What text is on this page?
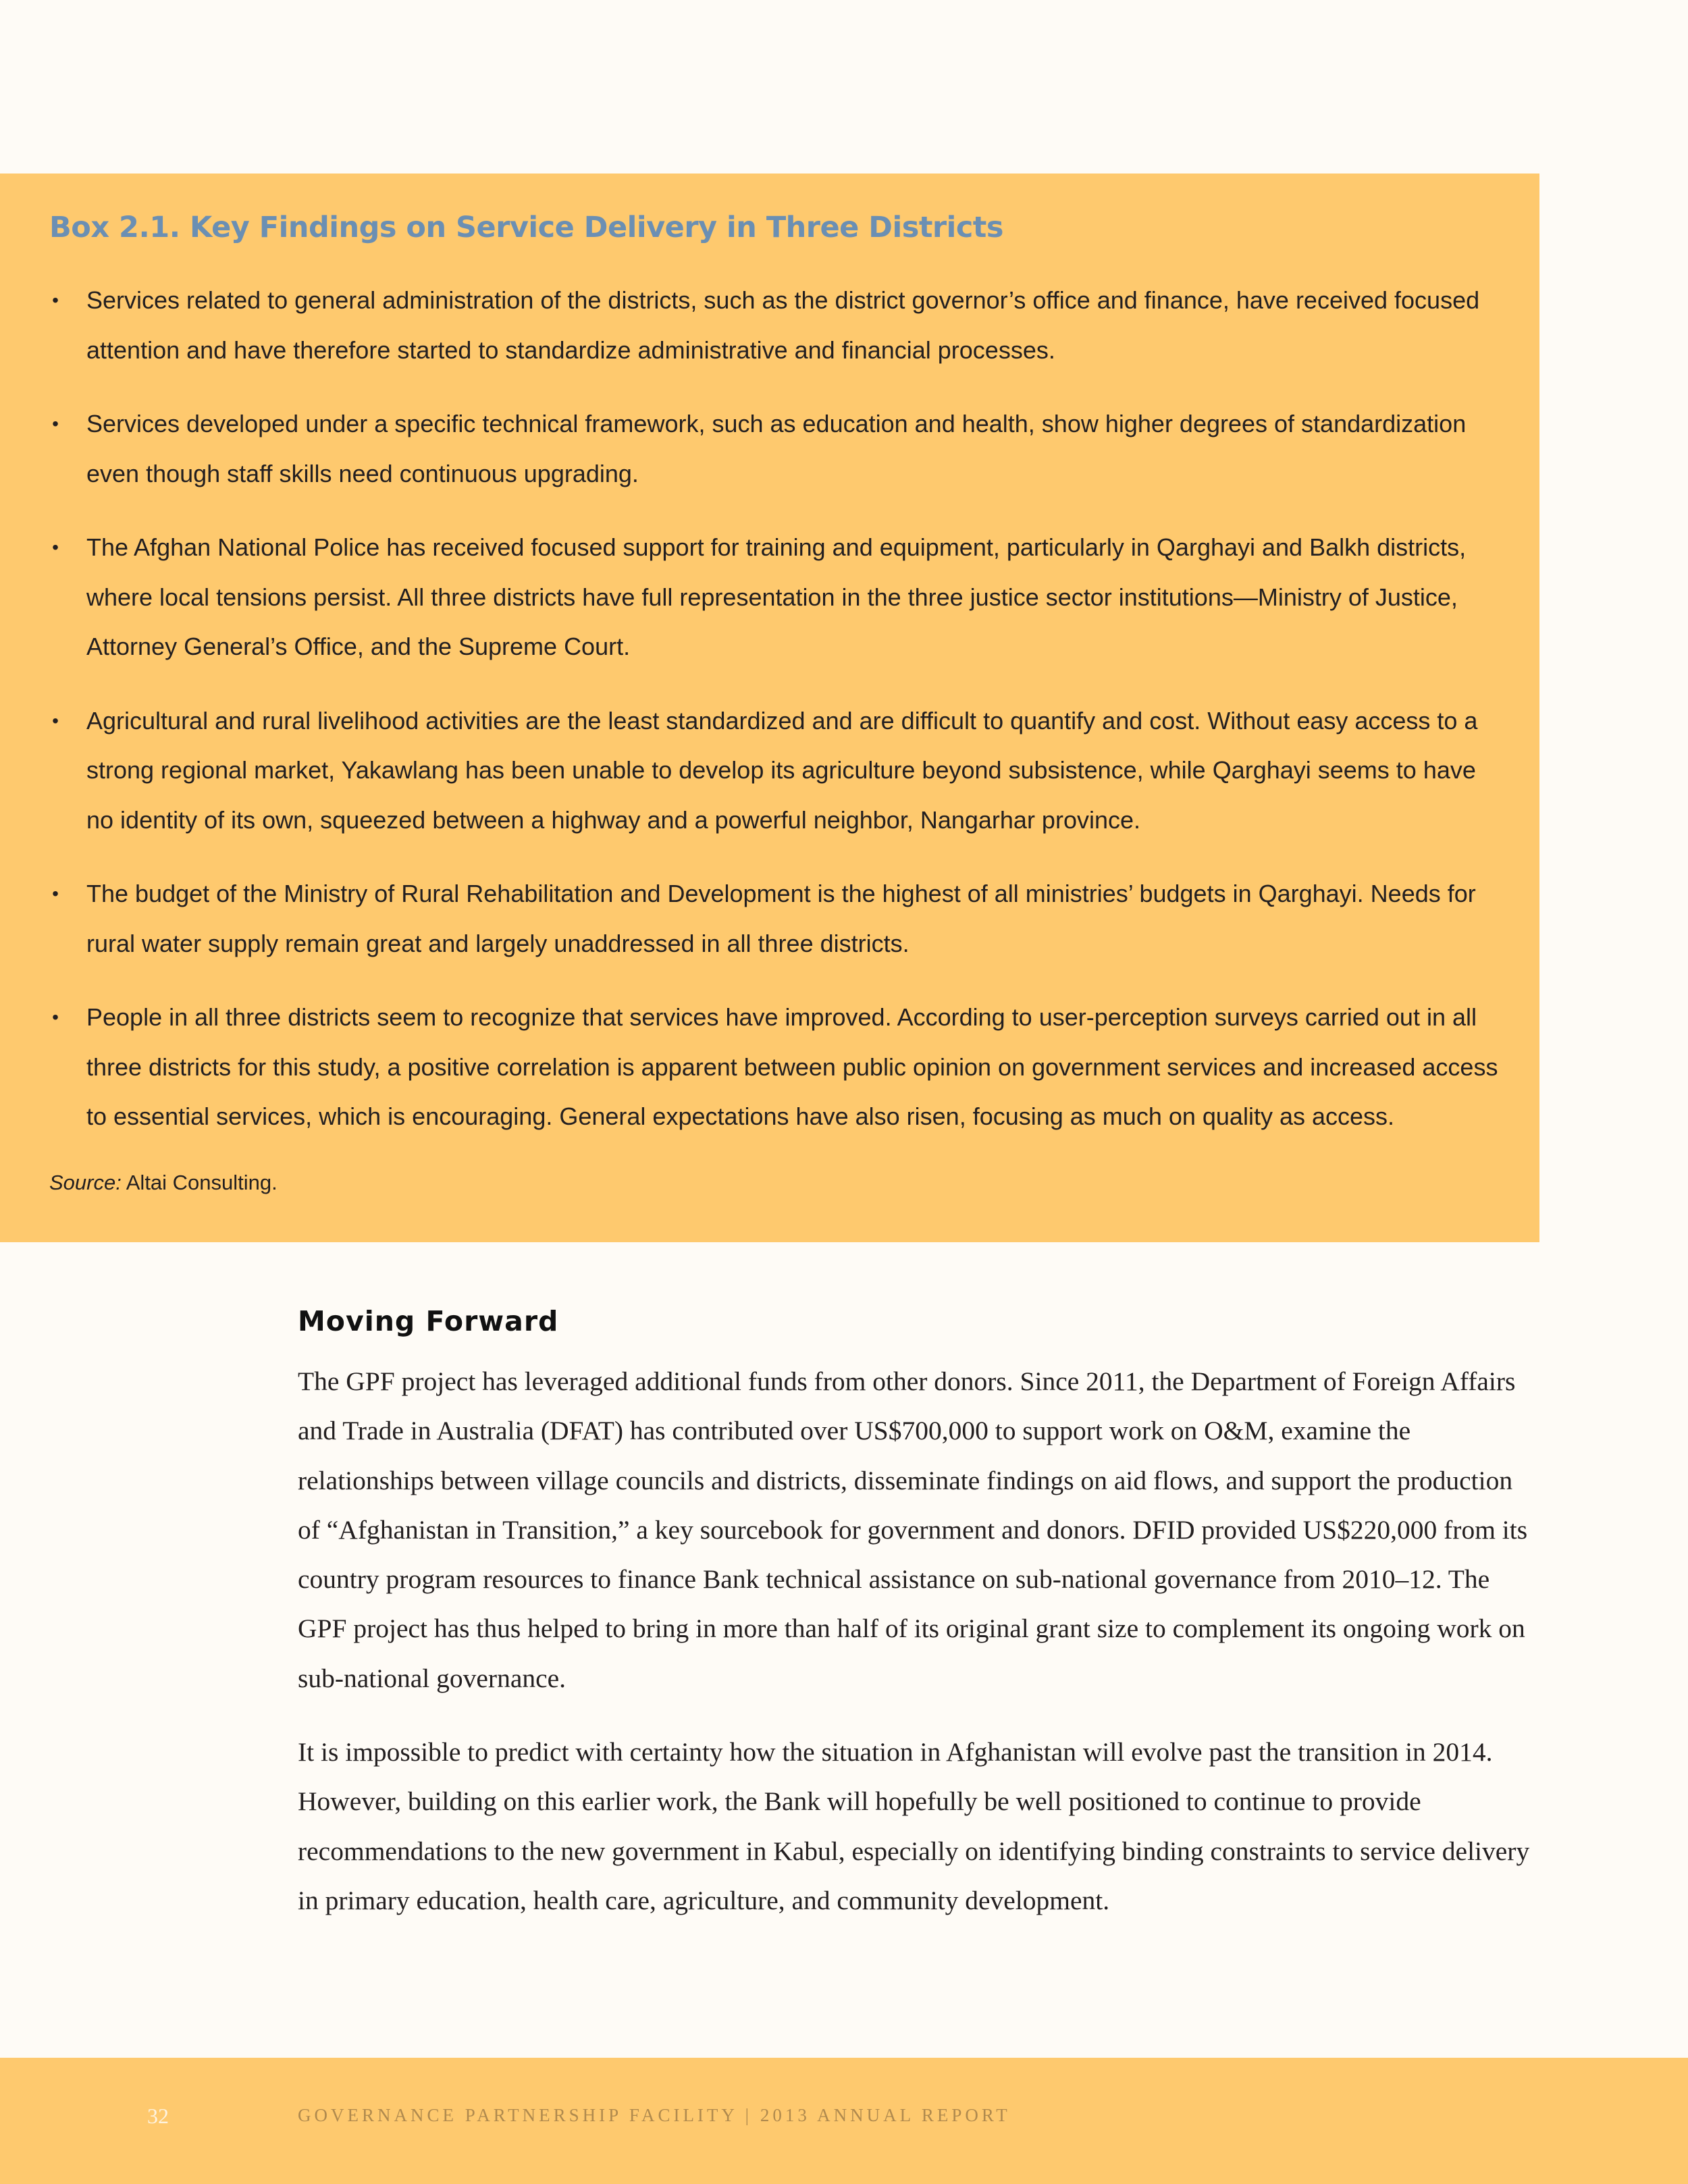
Box 2.1. Key Findings on Service Delivery in Three Districts
• Services related to general administration of the districts, such as the district governor’s office and finance, have received focused attention and have therefore started to standardize administrative and financial processes.
• Services developed under a specific technical framework, such as education and health, show higher degrees of standardization even though staff skills need continuous upgrading.
• The Afghan National Police has received focused support for training and equipment, particularly in Qarghayi and Balkh districts, where local tensions persist. All three districts have full representation in the three justice sector institutions—Ministry of Justice, Attorney General’s Office, and the Supreme Court.
• Agricultural and rural livelihood activities are the least standardized and are difficult to quantify and cost. Without easy access to a strong regional market, Yakawlang has been unable to develop its agriculture beyond subsistence, while Qarghayi seems to have no identity of its own, squeezed between a highway and a powerful neighbor, Nangarhar province.
• The budget of the Ministry of Rural Rehabilitation and Development is the highest of all ministries’ budgets in Qarghayi. Needs for rural water supply remain great and largely unaddressed in all three districts.
• People in all three districts seem to recognize that services have improved. According to user-perception surveys carried out in all three districts for this study, a positive correlation is apparent between public opinion on government services and increased access to essential services, which is encouraging. General expectations have also risen, focusing as much on quality as access.
Source: Altai Consulting.
Moving Forward

The GPF project has leveraged additional funds from other donors. Since 2011, the Department of Foreign Affairs and Trade in Australia (DFAT) has contributed over US$700,000 to support work on O&M, examine the relationships between village councils and districts, disseminate findings on aid flows, and support the production of “Afghanistan in Transition,” a key sourcebook for government and donors. DFID provided US$220,000 from its country program resources to finance Bank technical assistance on sub-national governance from 2010–12. The GPF project has thus helped to bring in more than half of its original grant size to complement its ongoing work on sub-national governance.

It is impossible to predict with certainty how the situation in Afghanistan will evolve past the transition in 2014. However, building on this earlier work, the Bank will hopefully be well positioned to continue to provide recommendations to the new government in Kabul, especially on identifying binding constraints to service delivery in primary education, health care, agriculture, and community development.

32	GOVERNANCE PARTNERSHIP FACILITY | 2013 ANNUAL REPORT
